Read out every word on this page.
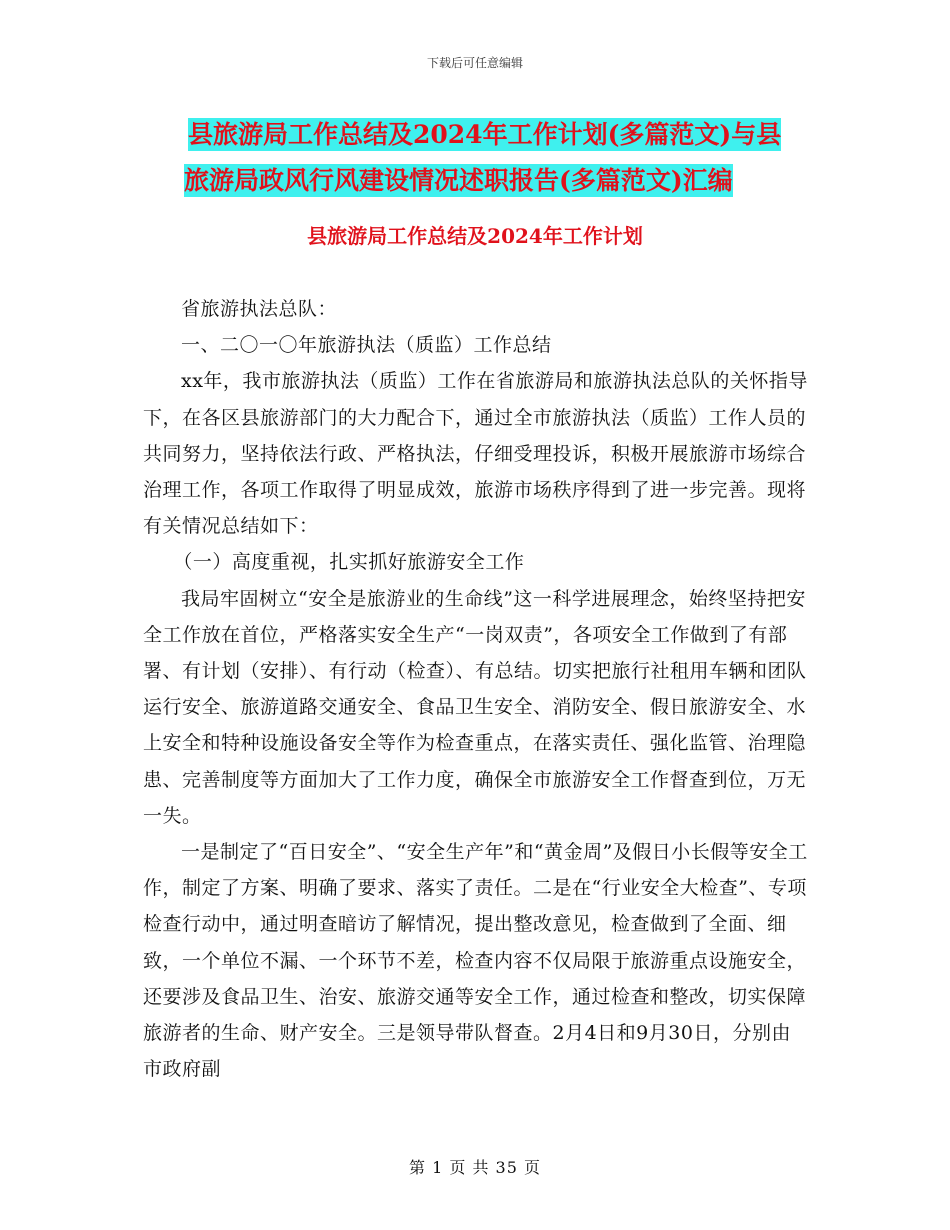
下载后可任意编辑
县旅游局工作总结及2024年工作计划(多篇范文)与县
旅游局政风行风建设情况述职报告(多篇范文)汇编
县旅游局工作总结及2024年工作计划

省旅游执法总队：

一、二〇一〇年旅游执法（质监）工作总结

xx年，我市旅游执法（质监）工作在省旅游局和旅游执法总队的关怀指导下，在各区县旅游部门的大力配合下，通过全市旅游执法（质监）工作人员的共同努力，坚持依法行政、严格执法，仔细受理投诉，积极开展旅游市场综合治理工作，各项工作取得了明显成效，旅游市场秩序得到了进一步完善。现将有关情况总结如下：

（一）高度重视，扎实抓好旅游安全工作

我局牢固树立“安全是旅游业的生命线”这一科学进展理念，始终坚持把安全工作放在首位，严格落实安全生产“一岗双责”，各项安全工作做到了有部署、有计划（安排）、有行动（检查）、有总结。切实把旅行社租用车辆和团队运行安全、旅游道路交通安全、食品卫生安全、消防安全、假日旅游安全、水上安全和特种设施设备安全等作为检查重点，在落实责任、强化监管、治理隐患、完善制度等方面加大了工作力度，确保全市旅游安全工作督查到位，万无一失。

一是制定了“百日安全”、“安全生产年”和“黄金周”及假日小长假等安全工作，制定了方案、明确了要求、落实了责任。二是在“行业安全大检查”、专项检查行动中，通过明查暗访了解情况，提出整改意见，检查做到了全面、细致，一个单位不漏、一个环节不差，检查内容不仅局限于旅游重点设施安全，还要涉及食品卫生、治安、旅游交通等安全工作，通过检查和整改，切实保障旅游者的生命、财产安全。三是领导带队督查。2月4日和9月30日，分别由市政府副

第 1 页 共 35 页
